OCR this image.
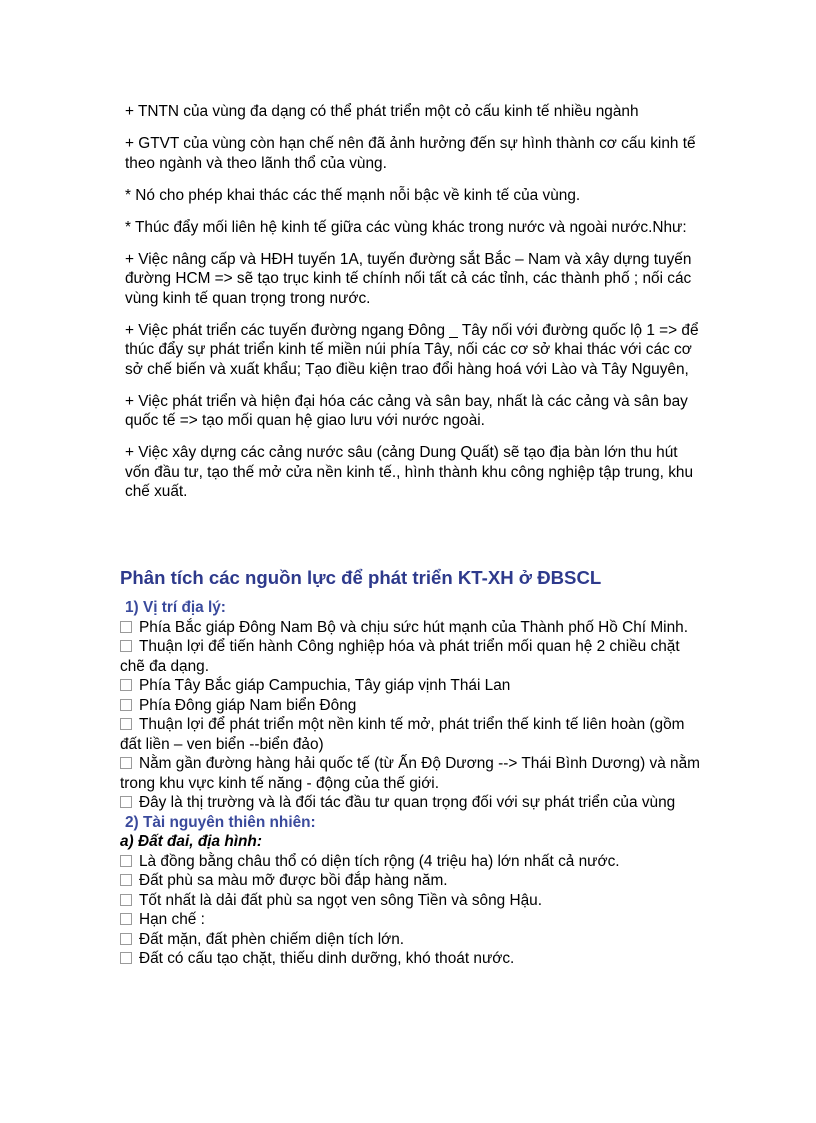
+ TNTN của vùng đa dạng có thể phát triển một cỏ cấu kinh tế nhiều ngành

+ GTVT của vùng còn hạn chế nên đã ảnh hưởng đến sự hình thành cơ cấu kinh tế theo ngành và theo lãnh thổ của vùng.

* Nó cho phép khai thác các thế mạnh nỗi bậc về kinh tế của vùng.

* Thúc đẩy mối liên hệ kinh tế giữa các vùng khác trong nước và ngoài nước.Như:

+ Việc nâng cấp và HĐH tuyến 1A, tuyến đường sắt Bắc – Nam và xây dựng tuyến đường HCM => sẽ tạo trục kinh tế chính nối tất cả các tỉnh, các thành phố ; nối các vùng kinh tế quan trọng trong nước.

+ Việc phát triển các tuyến đường ngang Đông _ Tây nối với đường quốc lộ 1 => để thúc đẩy sự phát triển kinh tế miền núi phía Tây, nối các cơ sở khai thác với các cơ sở chế biến và xuất khẩu; Tạo điều kiện trao đổi hàng hoá với Lào và Tây Nguyên,

+ Việc phát triển và hiện đại hóa các cảng và sân bay, nhất là các cảng và sân bay quốc tế => tạo mối quan hệ giao lưu với nước ngoài.

+ Việc xây dựng các cảng nước sâu (cảng Dung Quất) sẽ tạo địa bàn lớn thu hút vốn đầu tư, tạo thế mở cửa nền kinh tế., hình thành khu công nghiệp tập trung, khu chế xuất.

Phân tích các nguồn lực để phát triển KT-XH ở ĐBSCL
1) Vị trí địa lý:
Phía Bắc giáp Đông Nam Bộ và chịu sức hút mạnh của Thành phố Hồ Chí Minh.
Thuận lợi để tiến hành Công nghiệp hóa và phát triển mối quan hệ 2 chiều chặt chẽ đa dạng.
Phía Tây Bắc giáp Campuchia, Tây giáp vịnh Thái Lan
Phía Đông giáp Nam biển Đông
Thuận lợi để phát triển một nền kinh tế mở, phát triển thế kinh tế liên hoàn (gồm đất liền – ven biển --biển đảo)
Nằm gần đường hàng hải quốc tế (từ Ấn Độ Dương --> Thái Bình Dương) và nằm trong khu vực kinh tế năng - động của thế giới.
Đây là thị trường và là đối tác đầu tư quan trọng đối với sự phát triển của vùng
2) Tài nguyên thiên nhiên:
a) Đất đai, địa hình:
Là đồng bằng châu thổ có diện tích rộng (4 triệu ha) lớn nhất cả nước.
Đất phù sa màu mỡ được bồi đắp hàng năm.
Tốt nhất là dải đất phù sa ngọt ven sông Tiền và sông Hậu.
Hạn chế :
Đất mặn, đất phèn chiếm diện tích lớn.
Đất có cấu tạo chặt, thiếu dinh dưỡng, khó thoát nước.
